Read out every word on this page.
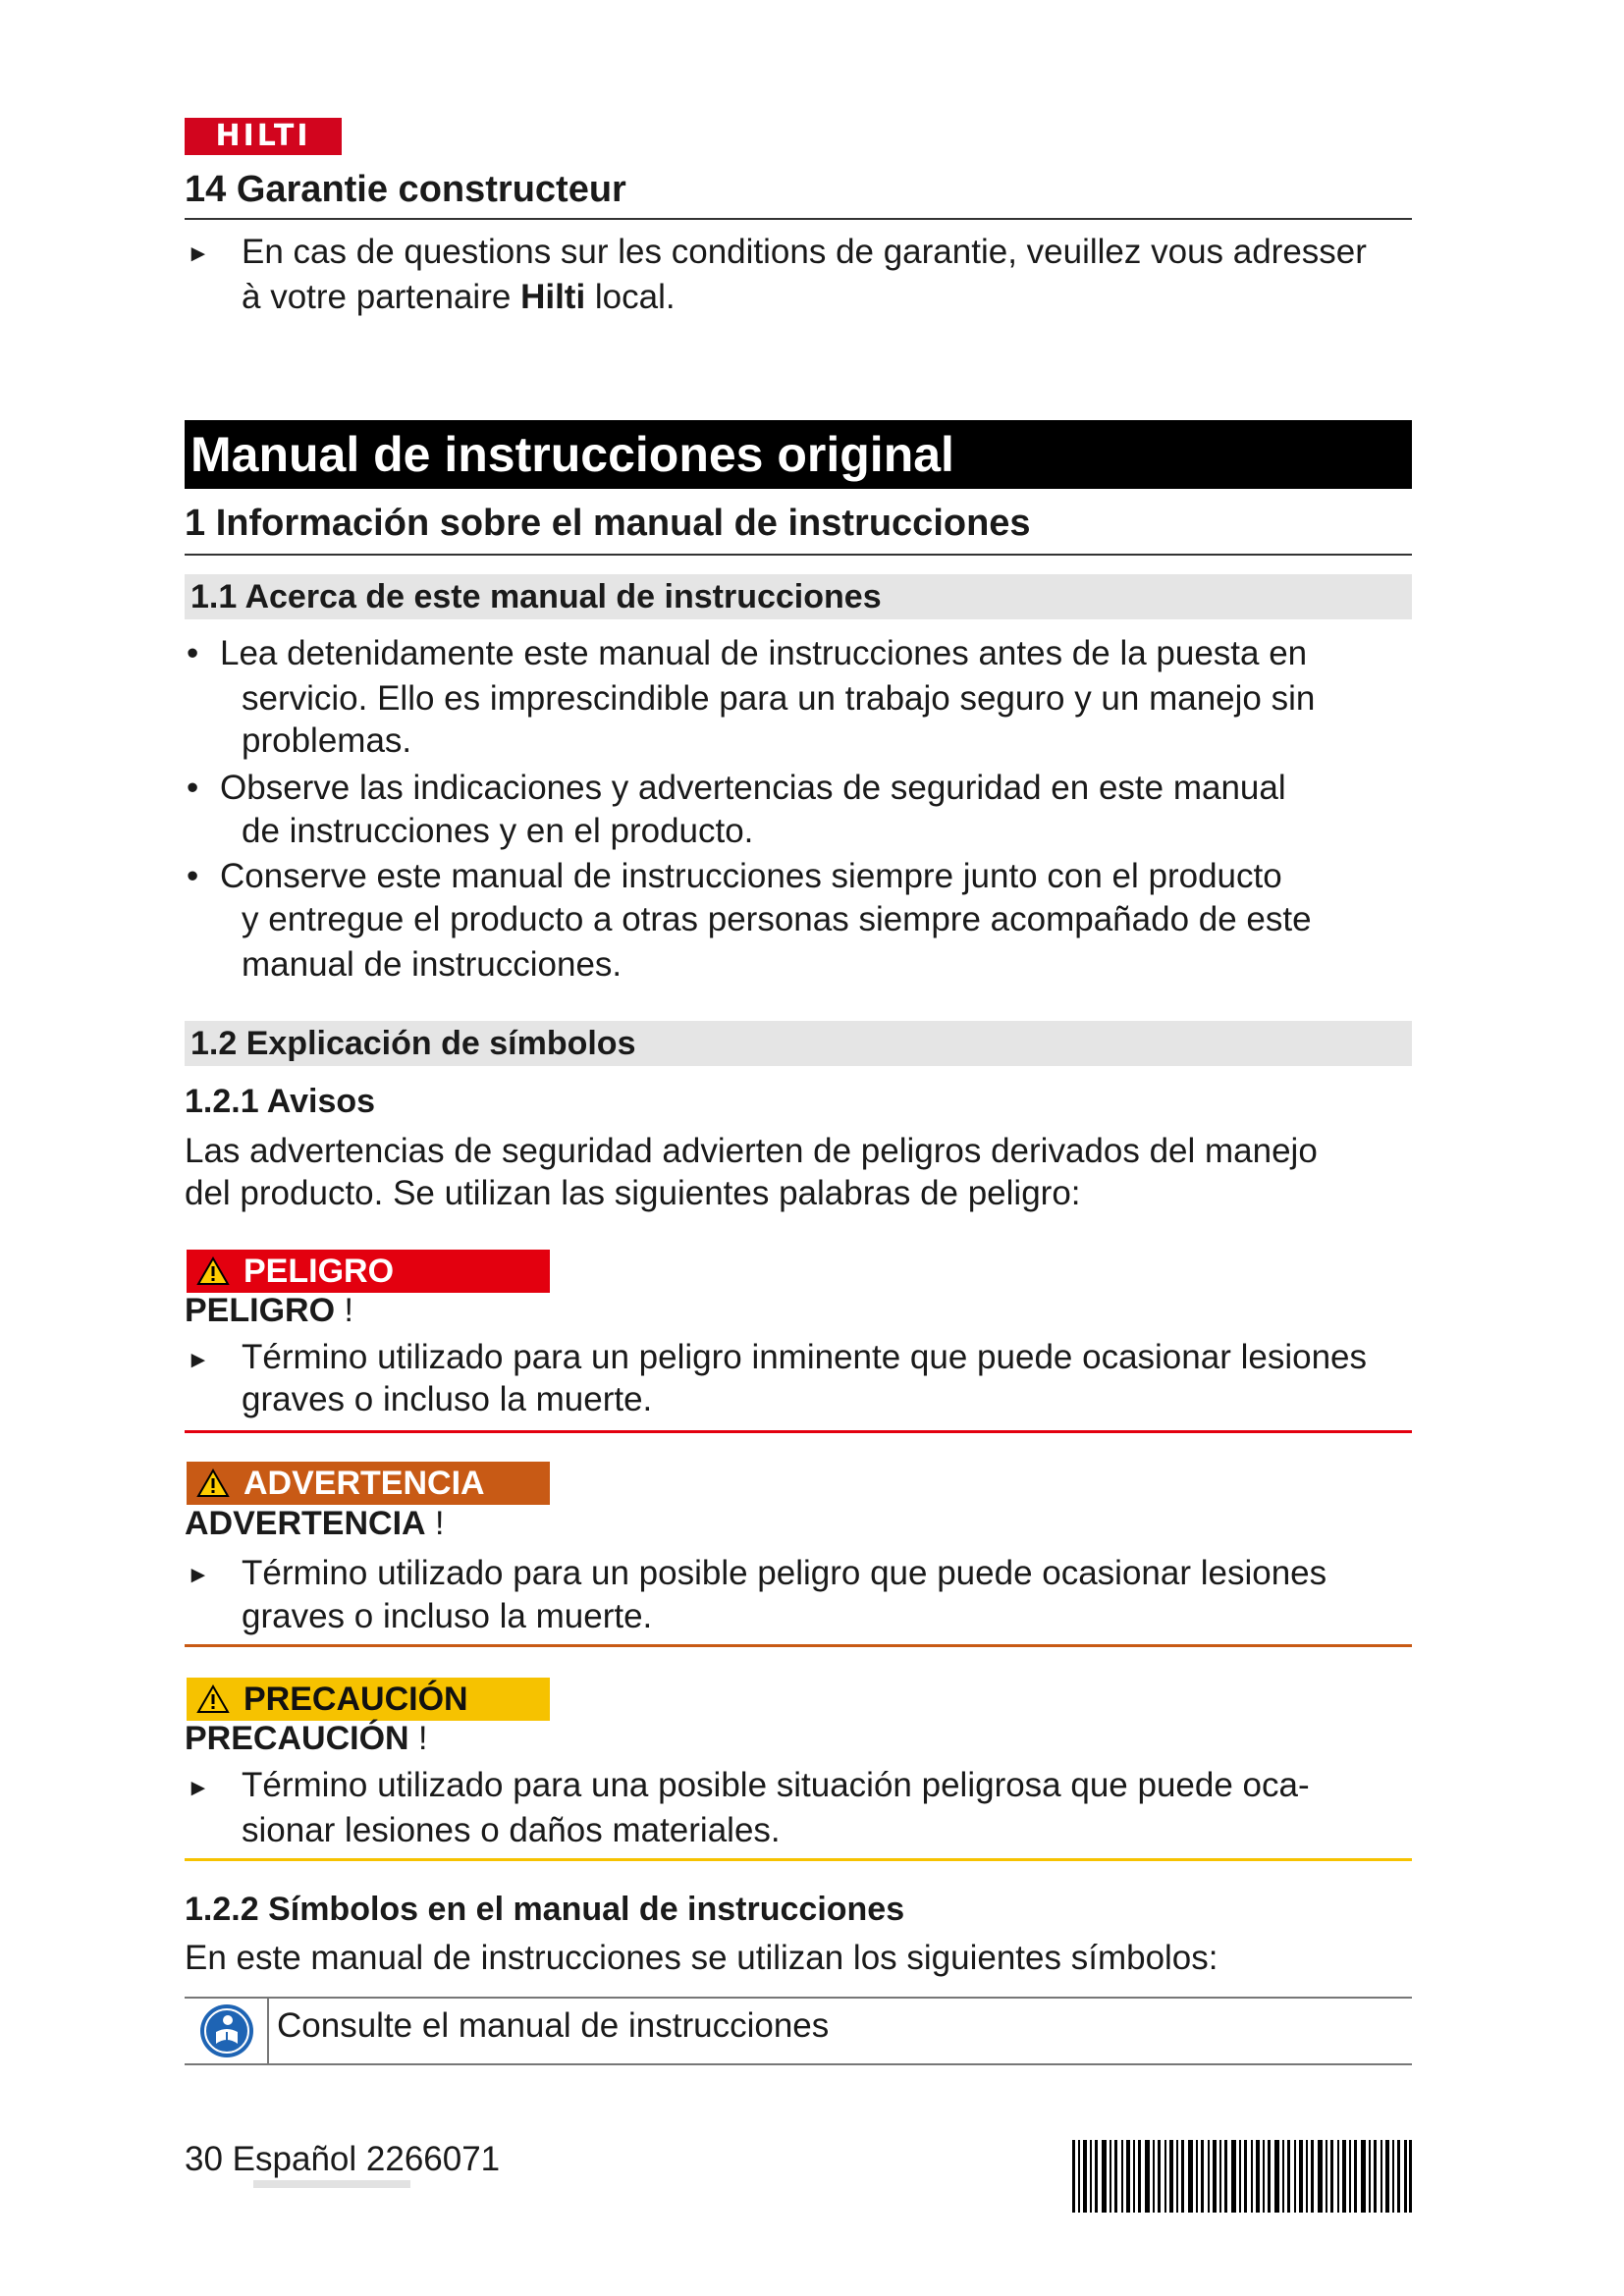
HILTI
14 Garantie constructeur
► En cas de questions sur les conditions de garantie, veuillez vous adresser
à votre partenaire Hilti local.
Manual de instrucciones original
1 Información sobre el manual de instrucciones
1.1 Acerca de este manual de instrucciones
• Lea detenidamente este manual de instrucciones antes de la puesta en
servicio. Ello es imprescindible para un trabajo seguro y un manejo sin
problemas.
• Observe las indicaciones y advertencias de seguridad en este manual
de instrucciones y en el producto.
• Conserve este manual de instrucciones siempre junto con el producto
y entregue el producto a otras personas siempre acompañado de este
manual de instrucciones.
1.2 Explicación de símbolos
1.2.1 Avisos
Las advertencias de seguridad advierten de peligros derivados del manejo
del producto. Se utilizan las siguientes palabras de peligro:
PELIGRO
PELIGRO !
► Término utilizado para un peligro inminente que puede ocasionar lesiones
graves o incluso la muerte.
ADVERTENCIA
ADVERTENCIA !
► Término utilizado para un posible peligro que puede ocasionar lesiones
graves o incluso la muerte.
PRECAUCIÓN
PRECAUCIÓN !
► Término utilizado para una posible situación peligrosa que puede oca-
sionar lesiones o daños materiales.
1.2.2 Símbolos en el manual de instrucciones
En este manual de instrucciones se utilizan los siguientes símbolos:
Consulte el manual de instrucciones
30 Español 2266071
